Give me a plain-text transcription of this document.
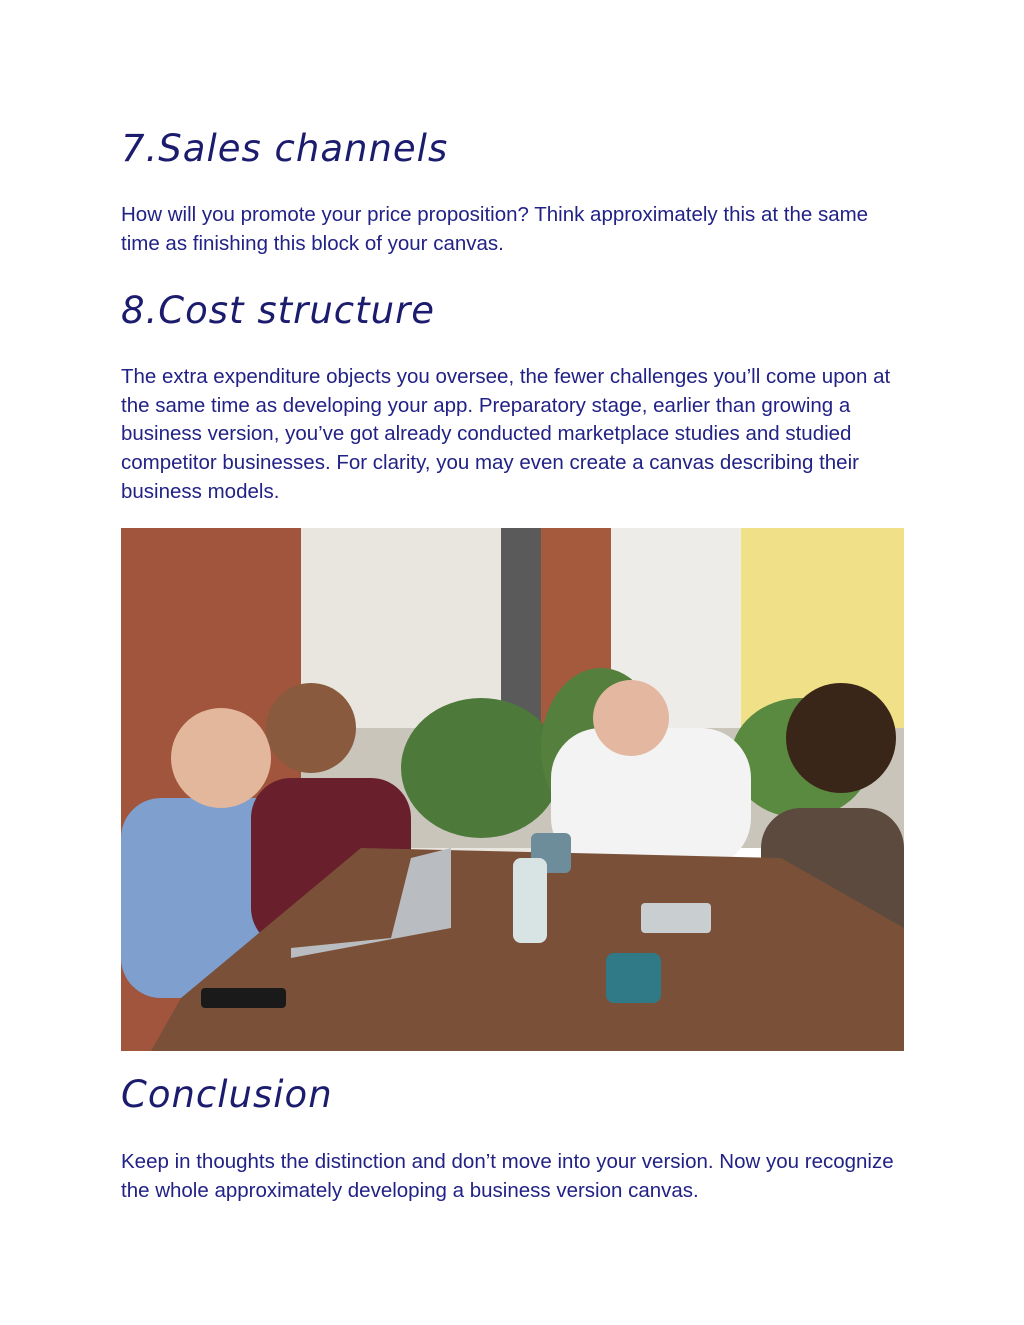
7.Sales channels

How will you promote your price proposition? Think approximately this at the same time as finishing this block of your canvas.

8.Cost structure

The extra expenditure objects you oversee, the fewer challenges you’ll come upon at the same time as developing your app. Preparatory stage, earlier than growing a business version, you’ve got already conducted marketplace studies and studied competitor businesses. For clarity, you may even create a canvas describing their business models.

Conclusion

Keep in thoughts the distinction and don’t move into your version. Now you recognize the whole approximately developing a business version canvas.
